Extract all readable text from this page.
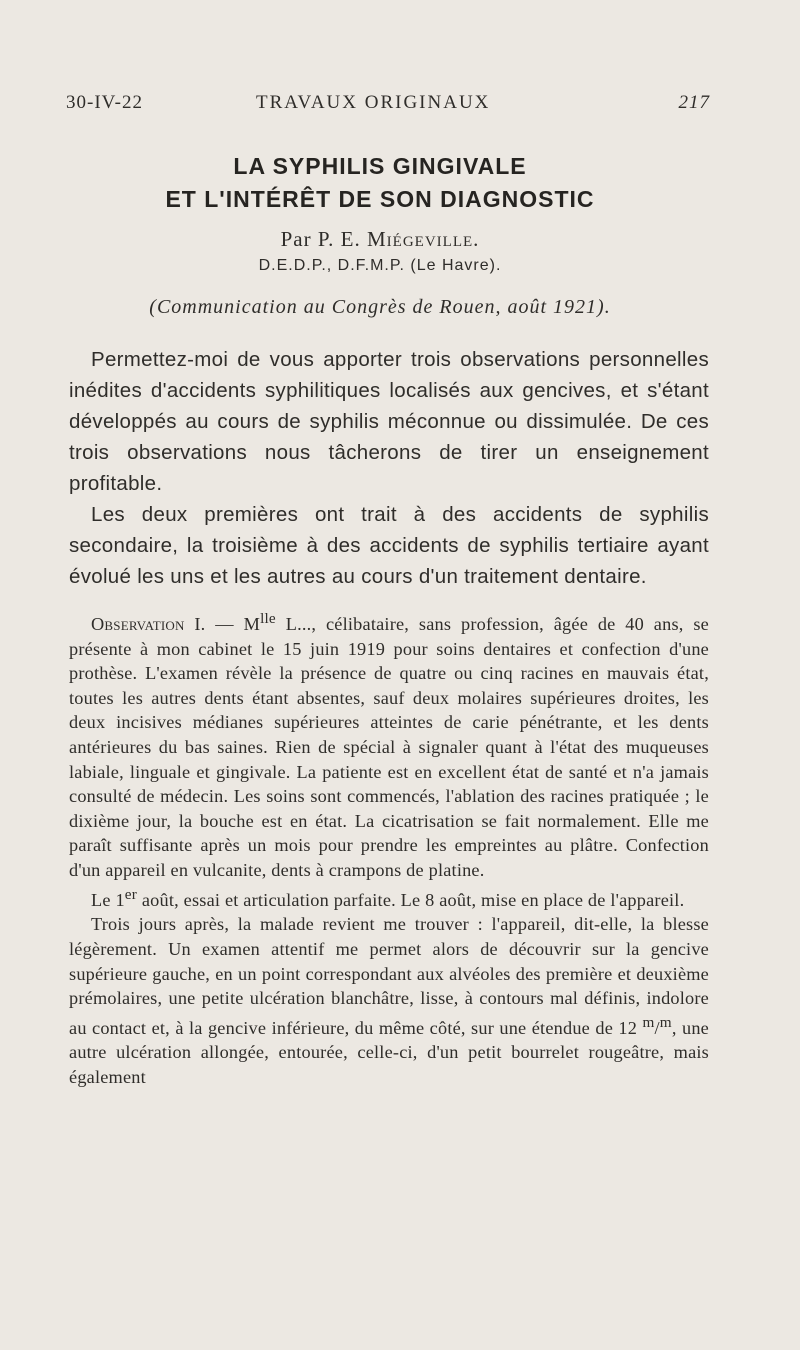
30-IV-22	TRAVAUX ORIGINAUX	217
LA SYPHILIS GINGIVALE
ET L'INTÉRÊT DE SON DIAGNOSTIC
Par P. E. Miégeville.
D.E.D.P., D.F.M.P. (Le Havre).
(Communication au Congrès de Rouen, août 1921).

Permettez-moi de vous apporter trois observations personnelles inédites d'accidents syphilitiques localisés aux gencives, et s'étant développés au cours de syphilis méconnue ou dissimulée. De ces trois observations nous tâcherons de tirer un enseignement profitable.

Les deux premières ont trait à des accidents de syphilis secondaire, la troisième à des accidents de syphilis tertiaire ayant évolué les uns et les autres au cours d'un traitement dentaire.

Observation I. — $M^{lle}$ L..., célibataire, sans profession, âgée de 40 ans, se présente à mon cabinet le 15 juin 1919 pour soins dentaires et confection d'une prothèse. L'examen révèle la présence de quatre ou cinq racines en mauvais état, toutes les autres dents étant absentes, sauf deux molaires supérieures droites, les deux incisives médianes supérieures atteintes de carie pénétrante, et les dents antérieures du bas saines. Rien de spécial à signaler quant à l'état des muqueuses labiale, linguale et gingivale. La patiente est en excellent état de santé et n'a jamais consulté de médecin. Les soins sont commencés, l'ablation des racines pratiquée ; le dixième jour, la bouche est en état. La cicatrisation se fait normalement. Elle me paraît suffisante après un mois pour prendre les empreintes au plâtre. Confection d'un appareil en vulcanite, dents à crampons de platine.

Le 1er août, essai et articulation parfaite. Le 8 août, mise en place de l'appareil.

Trois jours après, la malade revient me trouver : l'appareil, dit-elle, la blesse légèrement. Un examen attentif me permet alors de découvrir sur la gencive supérieure gauche, en un point correspondant aux alvéoles des première et deuxième prémolaires, une petite ulcération blanchâtre, lisse, à contours mal définis, indolore au contact et, à la gencive inférieure, du même côté, sur une étendue de 12 $^m$/$^m$, une autre ulcération allongée, entourée, celle-ci, d'un petit bourrelet rougeâtre, mais également
